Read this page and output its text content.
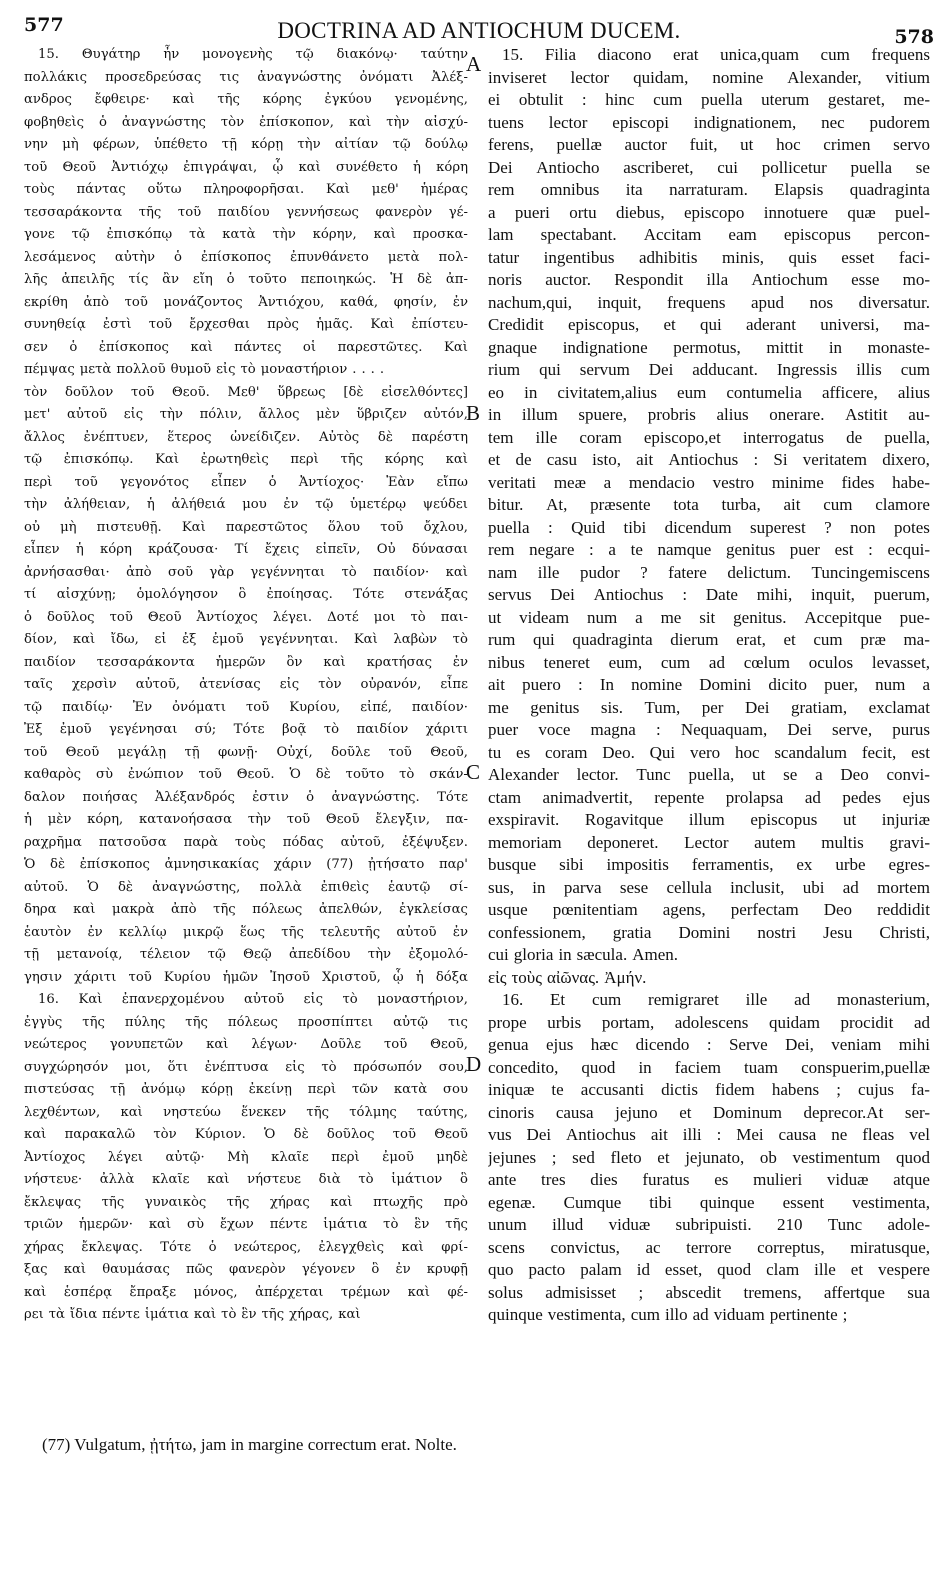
577	DOCTRINA AD ANTIOCHUM DUCEM.	578
15. Θυγάτηρ ἦν μονογενὴς τῷ διακόνῳ· ταύτην
πολλάκις προσεδρεύσας τις ἀναγνώστης ὀνόματι Ἀλέξ-
ανδρος ἔφθειρε· καὶ τῆς κόρης ἐγκύου γενομένης,
φοβηθεὶς ὁ ἀναγνώστης τὸν ἐπίσκοπον, καὶ τὴν αἰσχύ-
νην μὴ φέρων, ὑπέθετο τῇ κόρῃ τὴν αἰτίαν τῷ δούλῳ
τοῦ Θεοῦ Ἀντιόχῳ ἐπιγράψαι, ᾧ καὶ συνέθετο ἡ κόρη
τοὺς πάντας οὕτω πληροφορῆσαι. Καὶ μεθ' ἡμέρας
τεσσαράκοντα τῆς τοῦ παιδίου γεννήσεως φανερὸν γέ-
γονε τῷ ἐπισκόπῳ τὰ κατὰ τὴν κόρην, καὶ προσκα-
λεσάμενος αὐτὴν ὁ ἐπίσκοπος ἐπυνθάνετο μετὰ πολ-
λῆς ἀπειλῆς τίς ἂν εἴη ὁ τοῦτο πεποιηκώς. Ἡ δὲ ἀπ-
εκρίθη ἀπὸ τοῦ μονάζοντος Ἀντιόχου, καθά, φησίν, ἐν
συνηθείᾳ ἐστὶ τοῦ ἔρχεσθαι πρὸς ἡμᾶς. Καὶ ἐπίστευ-
σεν ὁ ἐπίσκοπος καὶ πάντες οἱ παρεστῶτες. Καὶ
πέμψας μετὰ πολλοῦ θυμοῦ εἰς τὸ μοναστήριον . . . .
τὸν δοῦλον τοῦ Θεοῦ. Μεθ' ὕβρεως [δὲ εἰσελθόντες]
μετ' αὐτοῦ εἰς τὴν πόλιν, ἄλλος μὲν ὕβριζεν αὐτόν,
ἄλλος ἐνέπτυεν, ἕτερος ὠνείδιζεν. Αὐτὸς δὲ παρέστη
τῷ ἐπισκόπῳ. Καὶ ἐρωτηθεὶς περὶ τῆς κόρης καὶ
περὶ τοῦ γεγονότος εἶπεν ὁ Ἀντίοχος· Ἐὰν εἴπω
τὴν ἀλήθειαν, ἡ ἀλήθειά μου ἐν τῷ ὑμετέρῳ ψεύδει
οὐ μὴ πιστευθῇ. Καὶ παρεστῶτος ὅλου τοῦ ὄχλου,
εἶπεν ἡ κόρη κράζουσα· Τί ἔχεις εἰπεῖν, Οὐ δύνασαι
ἀρνήσασθαι· ἀπὸ σοῦ γὰρ γεγέννηται τὸ παιδίον· καὶ
τί αἰσχύνῃ; ὁμολόγησον ὃ ἐποίησας. Τότε στενάξας
ὁ δοῦλος τοῦ Θεοῦ Ἀντίοχος λέγει. Δοτέ μοι τὸ παι-
δίον, καὶ ἴδω, εἰ ἐξ ἐμοῦ γεγέννηται. Καὶ λαβὼν τὸ
παιδίον τεσσαράκοντα ἡμερῶν ὂν καὶ κρατήσας ἐν
ταῖς χερσὶν αὐτοῦ, ἀτενίσας εἰς τὸν οὐρανόν, εἶπε
τῷ παιδίῳ· Ἐν ὀνόματι τοῦ Κυρίου, εἰπέ, παιδίον·
Ἐξ ἐμοῦ γεγένησαι σύ; Τότε βοᾷ τὸ παιδίον χάριτι
τοῦ Θεοῦ μεγάλῃ τῇ φωνῇ· Οὐχί, δοῦλε τοῦ Θεοῦ,
καθαρὸς σὺ ἐνώπιον τοῦ Θεοῦ. Ὁ δὲ τοῦτο τὸ σκάν-
δαλον ποιήσας Ἀλέξανδρός ἐστιν ὁ ἀναγνώστης. Τότε
ἡ μὲν κόρη, κατανοήσασα τὴν τοῦ Θεοῦ ἔλεγξιν, πα-
ραχρῆμα πατσοῦσα παρὰ τοὺς πόδας αὐτοῦ, ἐξέψυξεν.
Ὁ δὲ ἐπίσκοπος ἀμνησικακίας χάριν (77) ᾐτήσατο παρ'
αὐτοῦ. Ὁ δὲ ἀναγνώστης, πολλὰ ἐπιθεὶς ἑαυτῷ σί-
δηρα καὶ μακρὰ ἀπὸ τῆς πόλεως ἀπελθών, ἐγκλείσας
ἑαυτὸν ἐν κελλίῳ μικρῷ ἕως τῆς τελευτῆς αὐτοῦ ἐν
τῇ μετανοίᾳ, τέλειον τῷ Θεῷ ἀπεδίδου τὴν ἐξομολό-
γησιν χάριτι τοῦ Κυρίου ἡμῶν Ἰησοῦ Χριστοῦ, ᾧ ἡ δόξα
16. Καὶ ἐπανερχομένου αὐτοῦ εἰς τὸ μοναστήριον,
ἐγγὺς τῆς πύλης τῆς πόλεως προσπίπτει αὐτῷ τις
νεώτερος γονυπετῶν καὶ λέγων· Δοῦλε τοῦ Θεοῦ,
συγχώρησόν μοι, ὅτι ἐνέπτυσα εἰς τὸ πρόσωπόν σου,
πιστεύσας τῇ ἀνόμῳ κόρῃ ἐκείνῃ περὶ τῶν κατὰ σου
λεχθέντων, καὶ νηστεύω ἕνεκεν τῆς τόλμης ταύτης,
καὶ παρακαλῶ τὸν Κύριον. Ὁ δὲ δοῦλος τοῦ Θεοῦ
Ἀντίοχος λέγει αὐτῷ· Μὴ κλαῖε περὶ ἐμοῦ μηδὲ
νήστευε· ἀλλὰ κλαῖε καὶ νήστευε διὰ τὸ ἱμάτιον ὃ
ἔκλεψας τῆς γυναικὸς τῆς χήρας καὶ πτωχῆς πρὸ
τριῶν ἡμερῶν· καὶ σὺ ἔχων πέντε ἱμάτια τὸ ἓν τῆς
χήρας ἔκλεψας. Τότε ὁ νεώτερος, ἐλεγχθεὶς καὶ φρί-
ξας καὶ θαυμάσας πῶς φανερὸν γέγονεν ὃ ἐν κρυφῇ
καὶ ἑσπέρᾳ ἔπραξε μόνος, ἀπέρχεται τρέμων καὶ φέ-
ρει τὰ ἴδια πέντε ἱμάτια καὶ τὸ ἓν τῆς χήρας, καὶ
15. Filia diacono erat unica,quam cum frequens
inviseret lector quidam, nomine Alexander, vitium
ei obtulit : hinc cum puella uterum gestaret, me-
tuens lector episcopi indignationem, nec pudorem
ferens, puellæ auctor fuit, ut hoc crimen servo
Dei Antiocho ascriberet, cui pollicetur puella se
rem omnibus ita narraturam. Elapsis quadraginta
a pueri ortu diebus, episcopo innotuere quæ puel-
lam spectabant. Accitam eam episcopus percon-
tatur ingentibus adhibitis minis, quis esset faci-
noris auctor. Respondit illa Antiochum esse mo-
nachum,qui, inquit, frequens apud nos diversatur.
Credidit episcopus, et qui aderant universi, ma-
gnaque indignatione permotus, mittit in monaste-
rium qui servum Dei adducant. Ingressis illis cum
eo in civitatem,alius eum contumelia afficere, alius
in illum spuere, probris alius onerare. Astitit au-
tem ille coram episcopo,et interrogatus de puella,
et de casu isto, ait Antiochus : Si veritatem dixero,
veritati meæ a mendacio vestro minime fides habe-
bitur. At, præsente tota turba, ait cum clamore
puella : Quid tibi dicendum superest ? non potes
rem negare : a te namque genitus puer est : ecqui-
nam ille pudor ? fatere delictum. Tuncingemiscens
servus Dei Antiochus : Date mihi, inquit, puerum,
ut videam num a me sit genitus. Accepitque pue-
rum qui quadraginta dierum erat, et cum præ ma-
nibus teneret eum, cum ad cœlum oculos levasset,
ait puero : In nomine Domini dicito puer, num a
me genitus sis. Tum, per Dei gratiam, exclamat
puer voce magna : Nequaquam, Dei serve, purus
tu es coram Deo. Qui vero hoc scandalum fecit, est
Alexander lector. Tunc puella, ut se a Deo convi-
ctam animadvertit, repente prolapsa ad pedes ejus
exspiravit. Rogavitque illum episcopus ut injuriæ
memoriam deponeret. Lector autem multis gravi-
busque sibi impositis ferramentis, ex urbe egres-
sus, in parva sese cellula inclusit, ubi ad mortem
usque pœnitentiam agens, perfectam Deo reddidit
confessionem, gratia Domini nostri Jesu Christi,
cui gloria in sæcula. Amen.
εἰς τοὺς αἰῶνας. Ἀμήν.
16. Et cum remigraret ille ad monasterium,
prope urbis portam, adolescens quidam procidit ad
genua ejus hæc dicendo : Serve Dei, veniam mihi
concedito, quod in faciem tuam conspuerim,puellæ
iniquæ te accusanti dictis fidem habens ; cujus fa-
cinoris causa jejuno et Dominum deprecor.At ser-
vus Dei Antiochus ait illi : Mei causa ne fleas vel
jejunes ; sed fleto et jejunato, ob vestimentum quod
ante tres dies furatus es mulieri viduæ atque
egenæ. Cumque tibi quinque essent vestimenta,
unum illud viduæ subripuisti. 210 Tunc adole-
scens convictus, ac terrore correptus, miratusque,
quo pacto palam id esset, quod clam ille et vespere
solus admisisset ; abscedit tremens, affertque sua
quinque vestimenta, cum illo ad viduam pertinente ;
A
B
C
D
(77) Vulgatum, ᾐτήτω, jam in margine correctum erat. Nolte.
